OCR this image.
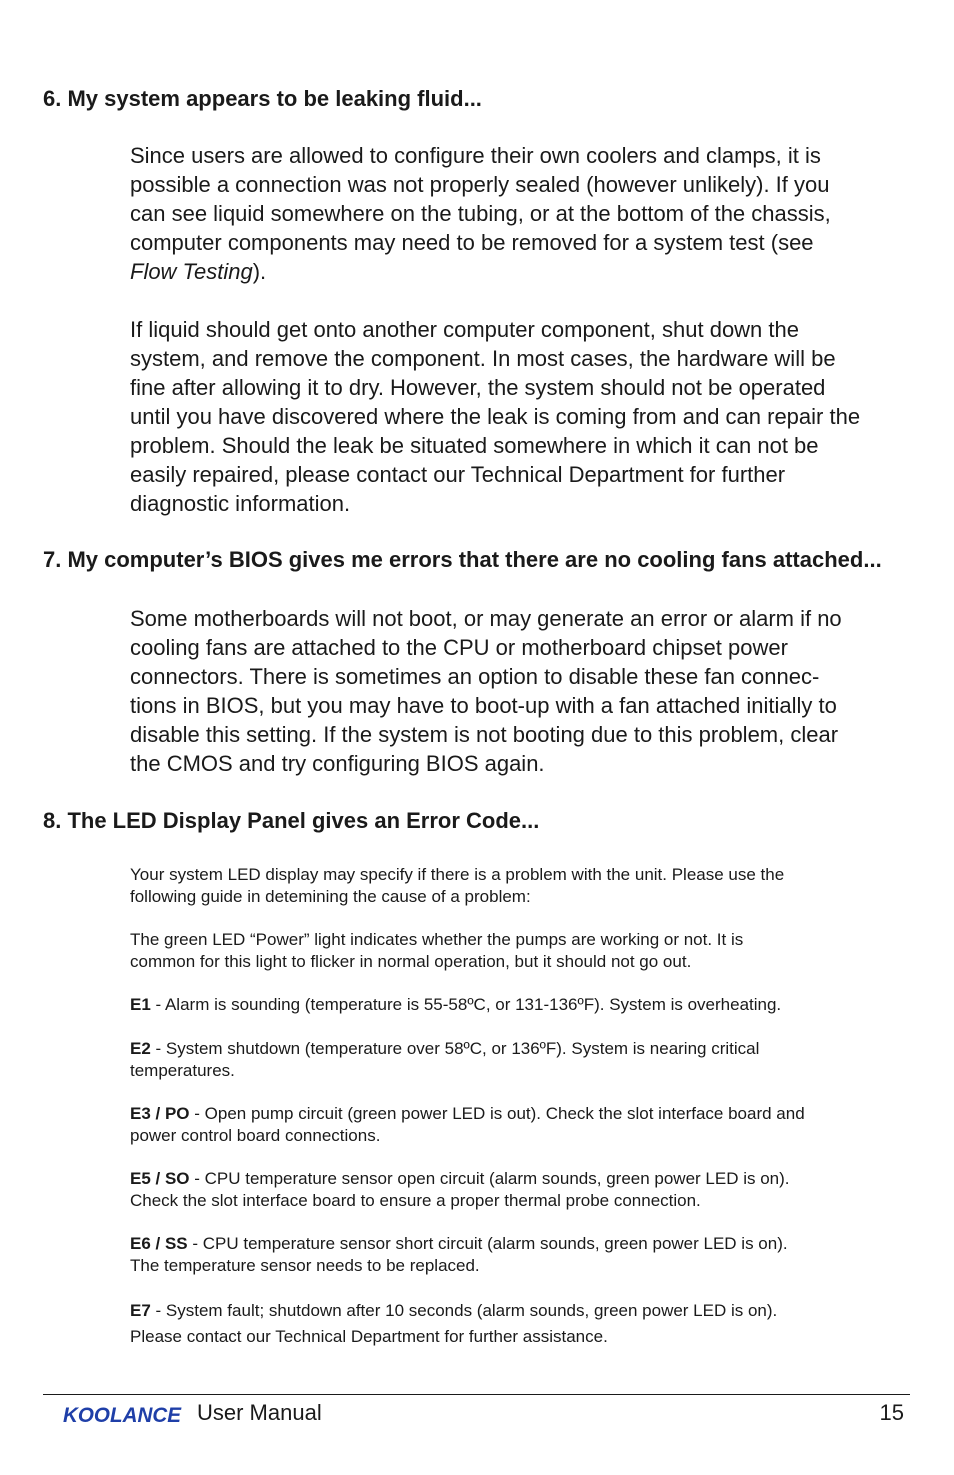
6. My system appears to be leaking fluid...

Since users are allowed to configure their own coolers and clamps, it is
possible a connection was not properly sealed (however unlikely). If you
can see liquid somewhere on the tubing, or at the bottom of the chassis,
computer components may need to be removed for a system test (see
Flow Testing).

If liquid should get onto another computer component, shut down the
system, and remove the component. In most cases, the hardware will be
fine after allowing it to dry. However, the system should not be operated
until you have discovered where the leak is coming from and can repair the
problem. Should the leak be situated somewhere in which it can not be
easily repaired, please contact our Technical Department for further
diagnostic information.

7. My computer’s BIOS gives me errors that there are no cooling fans attached...

Some motherboards will not boot, or may generate an error or alarm if no
cooling fans are attached to the CPU or motherboard chipset power
connectors. There is sometimes an option to disable these fan connec-
tions in BIOS, but you may have to boot-up with a fan attached initially to
disable this setting. If the system is not booting due to this problem, clear
the CMOS and try configuring BIOS again.

8. The LED Display Panel gives an Error Code...

Your system LED display may specify if there is a problem with the unit. Please use the
following guide in detemining the cause of a problem:

The green LED “Power” light indicates whether the pumps are working or not. It is
common for this light to flicker in normal operation, but it should not go out.

E1 - Alarm is sounding (temperature is 55-58ºC, or 131-136ºF). System is overheating.

E2 - System shutdown (temperature over 58ºC, or 136ºF). System is nearing critical
temperatures.

E3 / PO - Open pump circuit (green power LED is out). Check the slot interface board and
power control board connections.

E5 / SO - CPU temperature sensor open circuit (alarm sounds, green power LED is on).
Check the slot interface board to ensure a proper thermal probe connection.

E6 / SS - CPU temperature sensor short circuit (alarm sounds, green power LED is on).
The temperature sensor needs to be replaced.

E7 - System fault; shutdown after 10 seconds (alarm sounds, green power LED is on).
Please contact our Technical Department for further assistance.

KOOLANCE User Manual	15
